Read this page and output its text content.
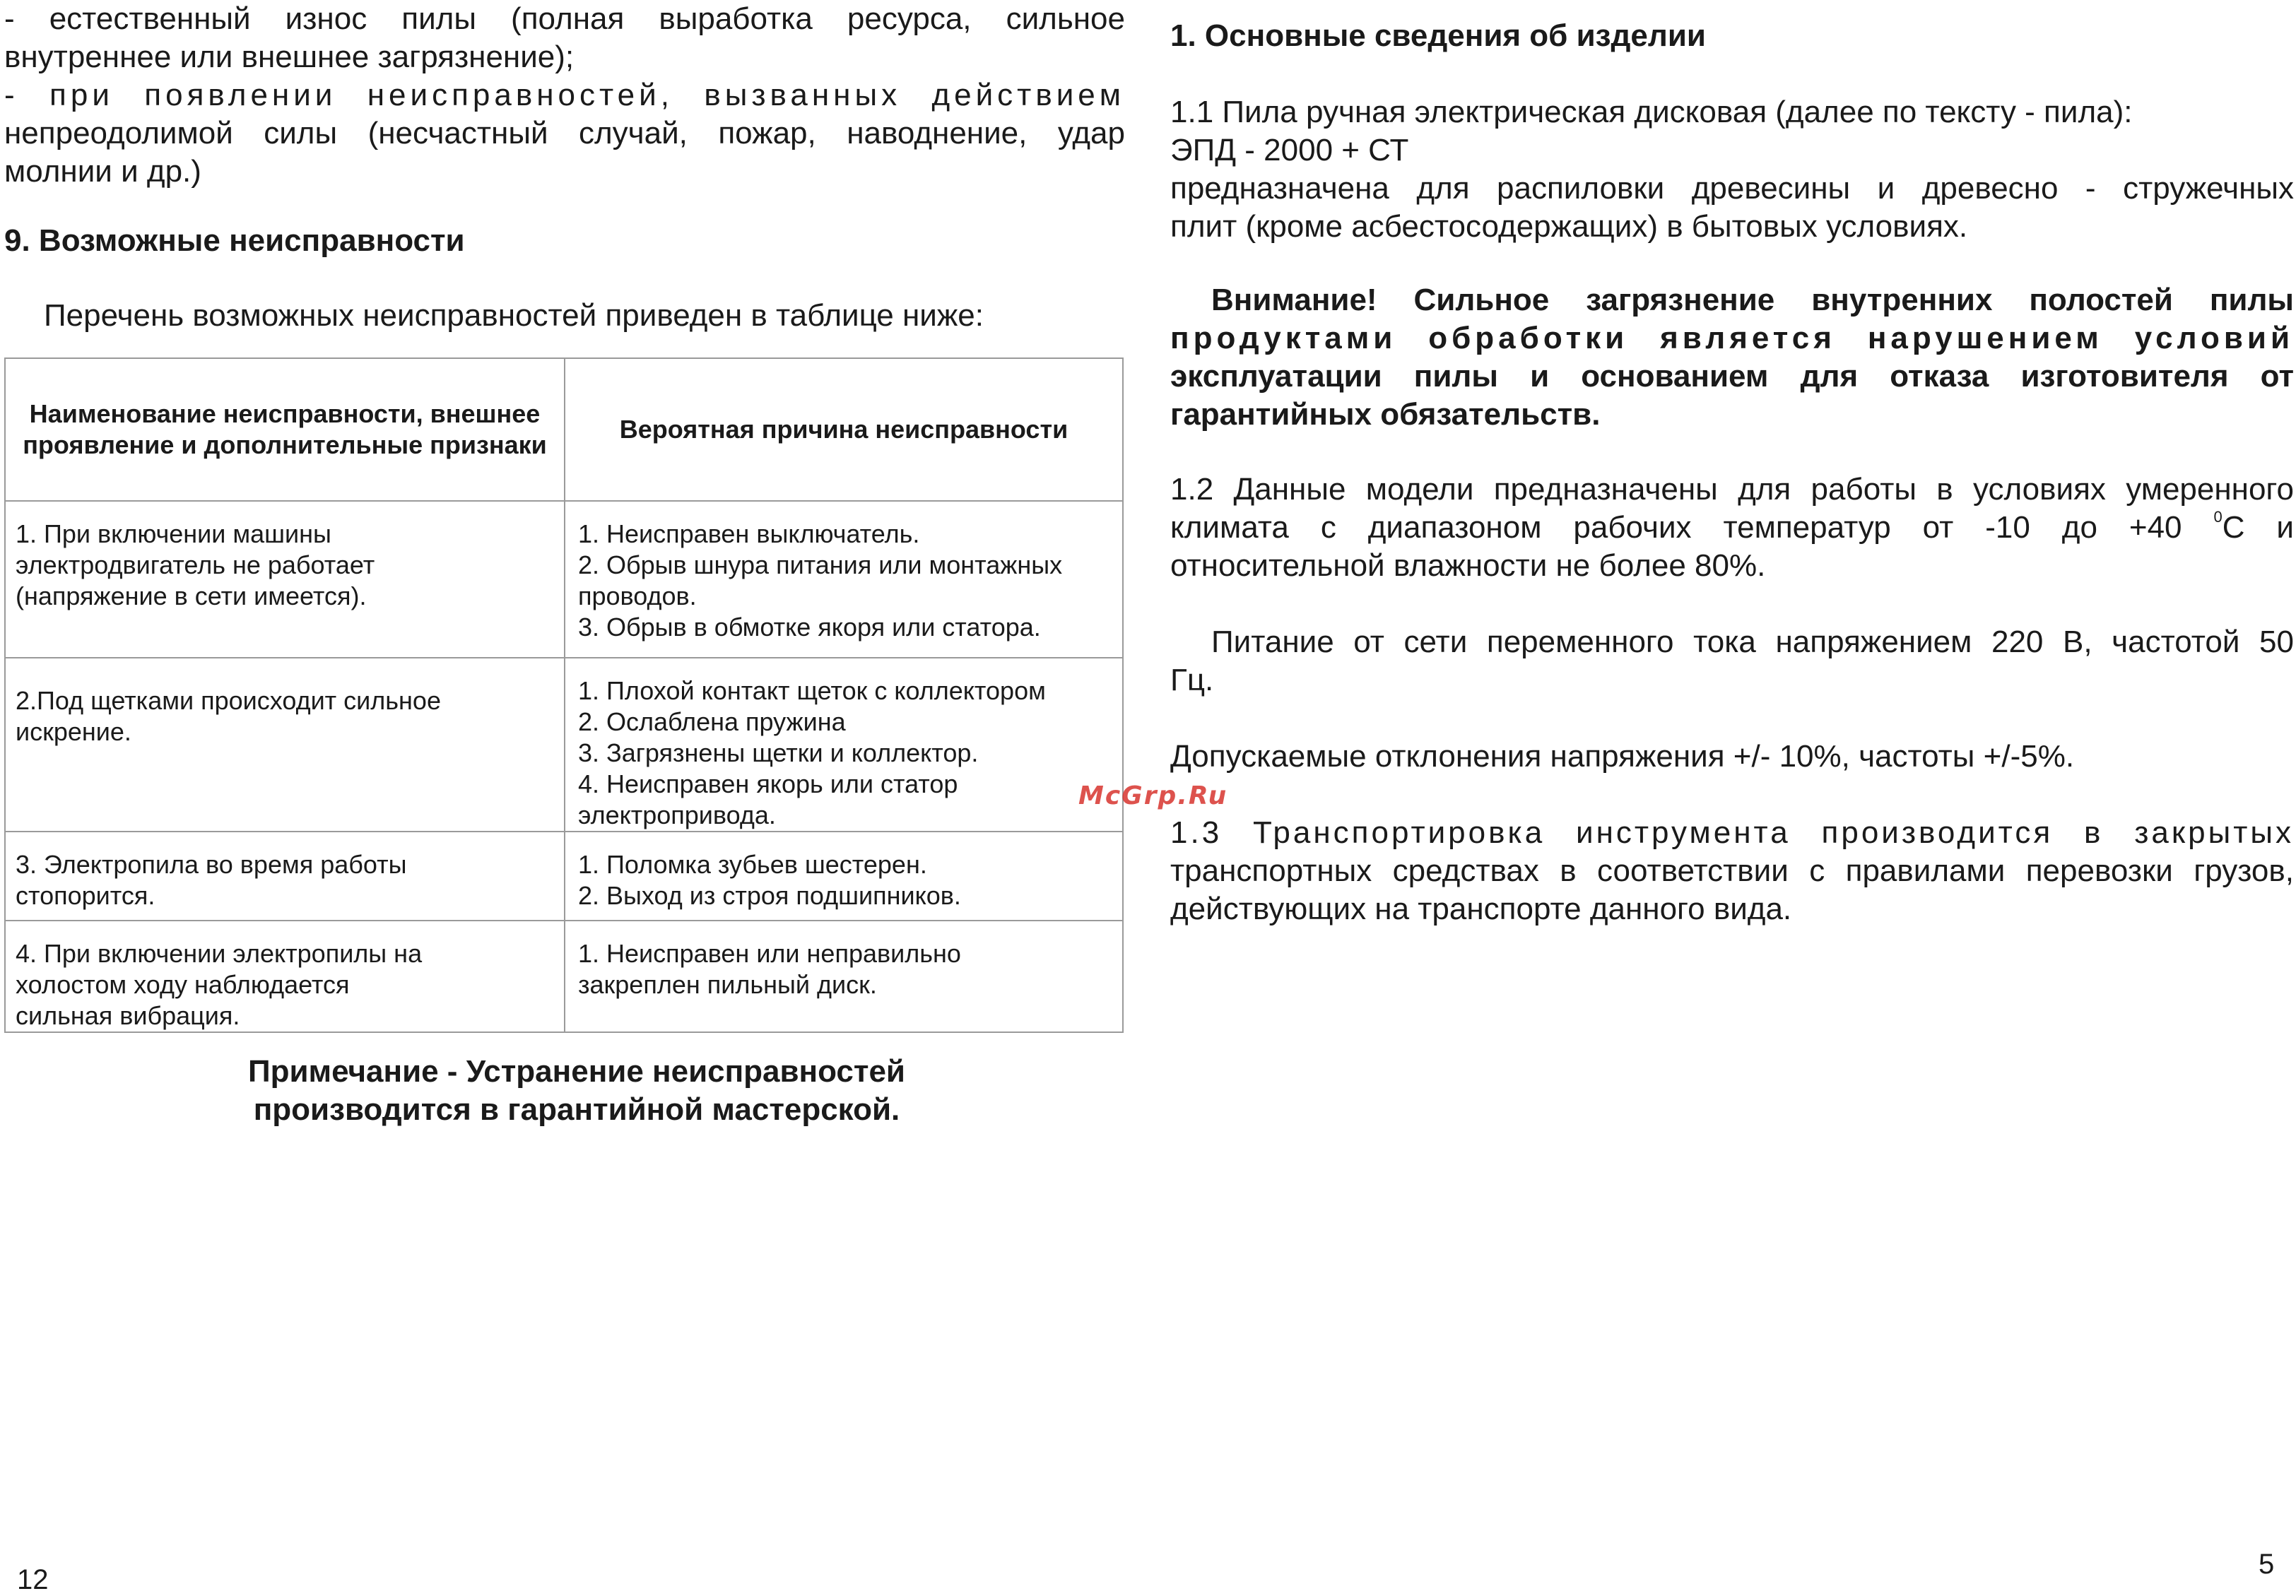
- естественный износ пилы (полная выработка ресурса, сильное

внутреннее или внешнее загрязнение);

- при появлении неисправностей, вызванных действием

непреодолимой силы (несчастный случай, пожар, наводнение, удар

молнии и др.)

9. Возможные неисправности

Перечень возможных неисправностей приведен в таблице ниже:

Наименование неисправности, внешнее проявление и дополнительные признаки	Вероятная причина неисправности

1. При включении машины
электродвигатель не работает
(напряжение в сети имеется).	1. Неисправен выключатель.
2. Обрыв шнура питания или монтажных
проводов.
3. Обрыв в обмотке якоря или статора.

2.Под щетками происходит сильное
искрение.	1. Плохой контакт щеток с коллектором
2. Ослаблена пружина
3. Загрязнены щетки и коллектор.
4. Неисправен якорь или статор
электропривода.

3. Электропила во время работы
стопорится.	1. Поломка зубьев шестерен.
2. Выход из строя подшипников.

4. При включении электропилы на
холостом ходу наблюдается
сильная вибрация.	1. Неисправен или неправильно
закреплен пильный диск.
Примечание - Устранение неисправностей
производится в гарантийной мастерской.

1. Основные сведения об изделии

1.1 Пила ручная электрическая дисковая (далее по тексту - пила):

ЭПД - 2000 + СТ

предназначена для распиловки древесины и древесно - стружечных

плит (кроме асбестосодержащих) в бытовых условиях.

Внимание! Сильное загрязнение внутренних полостей пилы

продуктами обработки является нарушением условий

эксплуатации пилы и основанием для отказа изготовителя от

гарантийных обязательств.

1.2 Данные модели предназначены для работы в условиях умеренного

климата с диапазоном рабочих температур от -10 до +40 $^0$С и

относительной влажности не более 80%.

Питание от сети переменного тока напряжением 220 В, частотой 50

Гц.

Допускаемые отклонения напряжения +/- 10%, частоты +/-5%.

1.3 Транспортировка инструмента производится в закрытых

транспортных средствах в соответствии с правилами перевозки грузов,

действующих на транспорте данного вида.

McGrp.Ru
12	5
